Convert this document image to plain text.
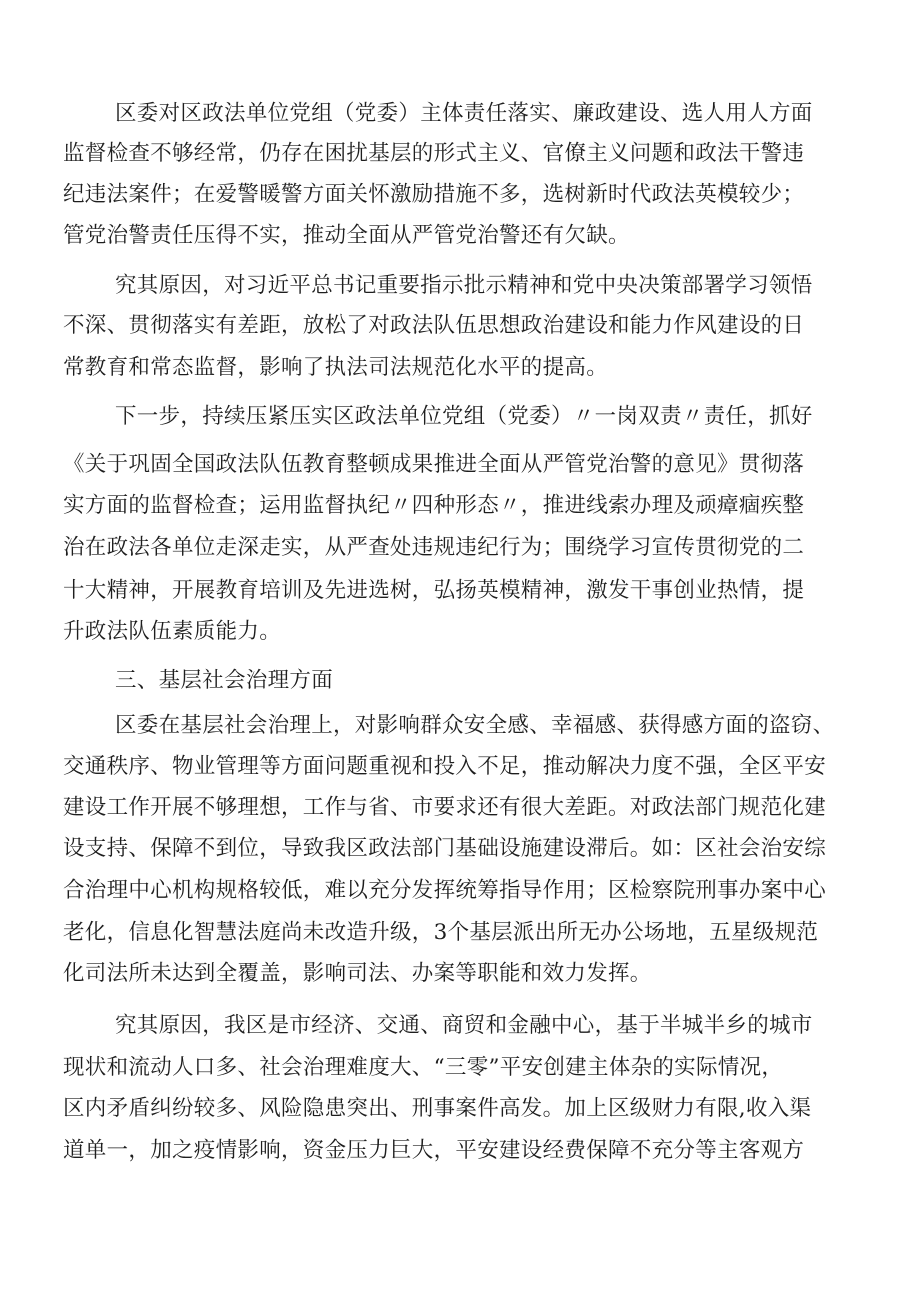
区委对区政法单位党组（党委）主体责任落实、廉政建设、选人用人方面
监督检查不够经常，仍存在困扰基层的形式主义、官僚主义问题和政法干警违
纪违法案件；在爱警暖警方面关怀激励措施不多，选树新时代政法英模较少；
管党治警责任压得不实，推动全面从严管党治警还有欠缺。
究其原因，对习近平总书记重要指示批示精神和党中央决策部署学习领悟
不深、贯彻落实有差距，放松了对政法队伍思想政治建设和能力作风建设的日
常教育和常态监督，影响了执法司法规范化水平的提高。
下一步，持续压紧压实区政法单位党组（党委）〃一岗双责〃责任，抓好
《关于巩固全国政法队伍教育整顿成果推进全面从严管党治警的意见》贯彻落
实方面的监督检查；运用监督执纪〃四种形态〃，推进线索办理及顽瘴痼疾整
治在政法各单位走深走实，从严查处违规违纪行为；围绕学习宣传贯彻党的二
十大精神，开展教育培训及先进选树，弘扬英模精神，激发干事创业热情，提
升政法队伍素质能力。
三、基层社会治理方面
区委在基层社会治理上，对影响群众安全感、幸福感、获得感方面的盗窃、
交通秩序、物业管理等方面问题重视和投入不足，推动解决力度不强，全区平安
建设工作开展不够理想，工作与省、市要求还有很大差距。对政法部门规范化建
设支持、保障不到位，导致我区政法部门基础设施建设滞后。如：区社会治安综
合治理中心机构规格较低，难以充分发挥统筹指导作用；区检察院刑事办案中心
老化，信息化智慧法庭尚未改造升级，3个基层派出所无办公场地，五星级规范
化司法所未达到全覆盖，影响司法、办案等职能和效力发挥。
究其原因，我区是市经济、交通、商贸和金融中心，基于半城半乡的城市
现状和流动人口多、社会治理难度大、“三零”平安创建主体杂的实际情况，
区内矛盾纠纷较多、风险隐患突出、刑事案件高发。加上区级财力有限,收入渠
道单一，加之疫情影响，资金压力巨大，平安建设经费保障不充分等主客观方
